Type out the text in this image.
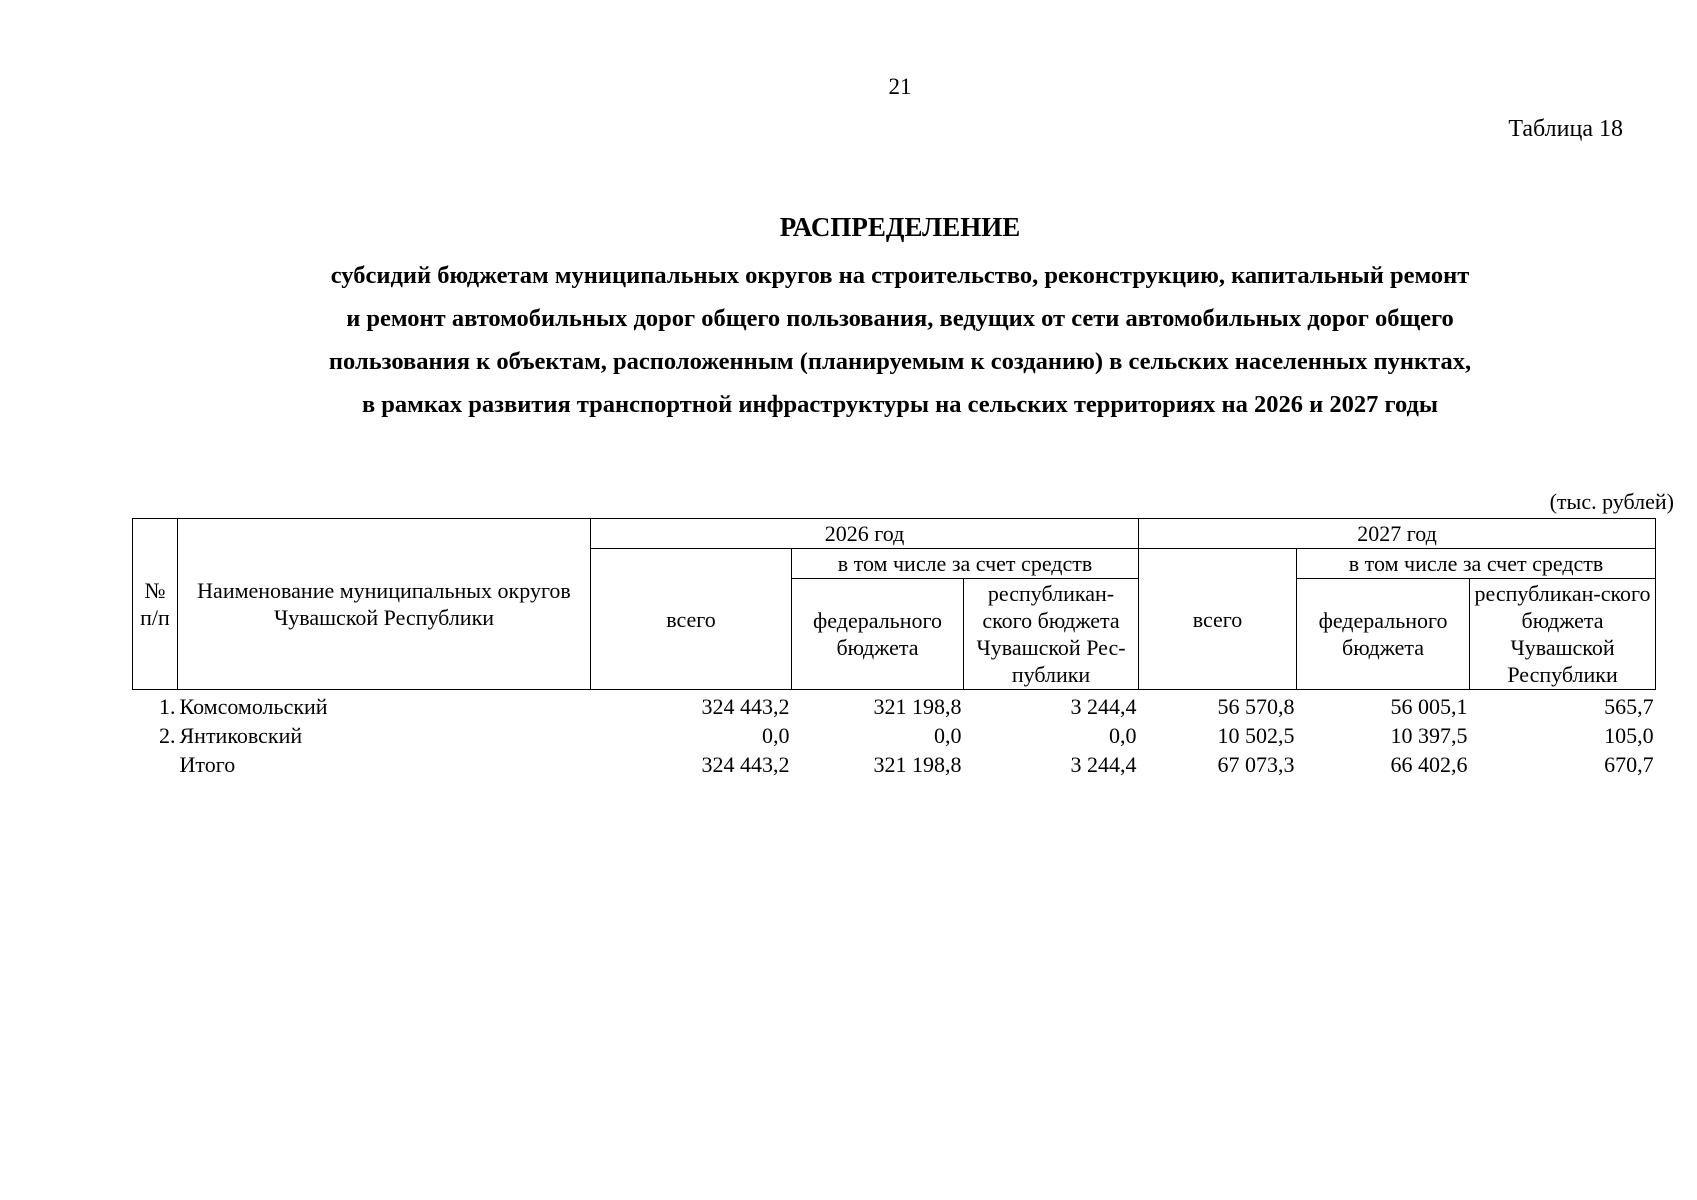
21
Таблица 18
РАСПРЕДЕЛЕНИЕ
субсидий бюджетам муниципальных округов на строительство, реконструкцию, капитальный ремонт
и ремонт автомобильных дорог общего пользования, ведущих от сети автомобильных дорог общего
пользования к объектам, расположенным (планируемым к созданию) в сельских населенных пунктах,
в рамках развития транспортной инфраструктуры на сельских территориях на 2026 и 2027 годы
(тыс. рублей)
№ п/п	Наименование муниципальных округов Чувашской Республики	2026 год			2027 год		
		всего	в том числе за счет средств		всего	в том числе за счет средств	
			федерального бюджета	республикан-ского бюджета Чувашской Рес-публики		федерального бюджета	республикан-ского бюджета Чувашской Республики

1.	Комсомольский	324 443,2	321 198,8	3 244,4	56 570,8	56 005,1	565,7
2.	Янтиковский	0,0	0,0	0,0	10 502,5	10 397,5	105,0
	Итого	324 443,2	321 198,8	3 244,4	67 073,3	66 402,6	670,7
